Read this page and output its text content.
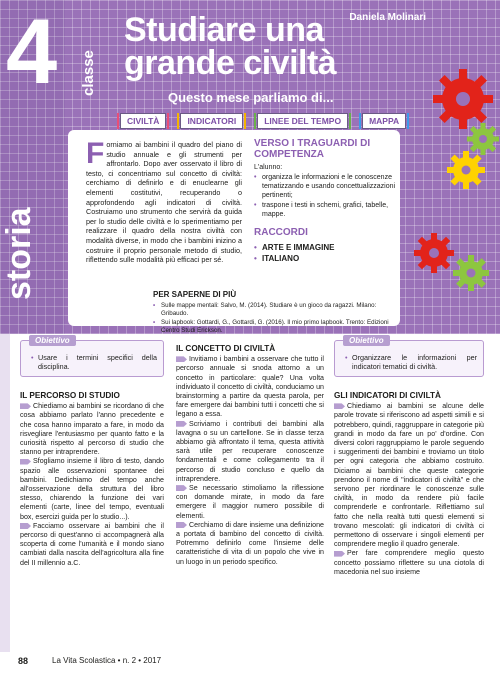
4 classe
storia
Studiare una
grande civiltà
Daniela Molinari
Questo mese parliamo di...
CIVILTÀ	INDICATORI	LINEE DEL TEMPO	MAPPA
F orniamo ai bambini il quadro del piano di studio annuale e gli strumenti per affrontarlo. Dopo aver osservato il libro di testo, ci concentriamo sul concetto di civiltà: cerchiamo di definirlo e di enuclearne gli elementi costitutivi, recuperando o approfondendo agli indicatori di civiltà. Costruiamo uno strumento che servirà da guida per lo studio delle civiltà e lo sperimentiamo per realizzare il quadro della nostra civiltà con modalità diverse, in modo che i bambini inizino a costruire il proprio personale metodo di studio, riflettendo sulle modalità più efficaci per sé.
VERSO I TRAGUARDI DI COMPETENZA
L'alunno:
• organizza le informazioni e le conoscenze tematizzando e usando concettualizzazioni pertinenti;
• traspone i testi in schemi, grafici, tabelle, mappe.
RACCORDI
• ARTE E IMMAGINE
• ITALIANO
PER SAPERNE DI PIÙ
• Sulle mappe mentali: Salvo, M. (2014). Studiare è un gioco da ragazzi. Milano: Gribaudo.
• Sui lapbook: Gottardi, G., Gottardi, G. (2016). Il mio primo lapbook. Trento: Edizioni Centro Studi Erickson.
Obiettivo
• Usare i termini specifici della disciplina.
IL PERCORSO DI STUDIO

Chiediamo ai bambini se ricordano di che cosa abbiamo parlato l'anno precedente e che cosa hanno imparato a fare, in modo da risvegliare l'entusiasmo per quanto fatto e la curiosità rispetto al percorso di studio che stanno per intraprendere.

Sfogliamo insieme il libro di testo, dando spazio alle osservazioni spontanee dei bambini. Dedichiamo del tempo anche all'osservazione della struttura del libro stesso, chiarendo la funzione dei vari elementi (carte, linee del tempo, eventuali box, esercizi guida per lo studio...).

Facciamo osservare ai bambini che il percorso di quest'anno ci accompagnerà alla scoperta di come l'umanità e il mondo siano cambiati dalla nascita dell'agricoltura alla fine del II millennio a.C.

IL CONCETTO DI CIVILTÀ

Invitiamo i bambini a osservare che tutto il percorso annuale si snoda attorno a un concetto in particolare: quale? Una volta individuato il concetto di civiltà, conduciamo un brainstorming a partire da questa parola, per fare emergere dai bambini tutti i concetti che si legano a essa.

Scriviamo i contributi dei bambini alla lavagna o su un cartellone. Se in classe terza abbiamo già affrontato il tema, questa attività sarà utile per recuperare conoscenze fondamentali e come collegamento tra il percorso di studio concluso e quello da intraprendere.

Se necessario stimoliamo la riflessione con domande mirate, in modo da fare emergere il maggior numero possibile di elementi.

Cerchiamo di dare insieme una definizione a portata di bambino del concetto di civiltà. Potremmo definirlo come l'insieme delle caratteristiche di vita di un popolo che vive in un luogo in un periodo specifico.

Obiettivo
• Organizzare le informazioni per indicatori tematici di civiltà.
GLI INDICATORI DI CIVILTÀ

Chiediamo ai bambini se alcune delle parole trovate si riferiscono ad aspetti simili e si potrebbero, quindi, raggruppare in categorie più grandi in modo da fare un po' d'ordine. Con diversi colori raggruppiamo le parole seguendo i suggerimenti dei bambini e troviamo un titolo per ogni categoria che abbiamo costruito. Diciamo ai bambini che queste categorie prendono il nome di "indicatori di civiltà" e che servono per riordinare le conoscenze sulle civiltà, in modo da rendere più facile comprenderle e confrontarle. Riflettiamo sul fatto che nella realtà tutti questi elementi si trovano mescolati: gli indicatori di civiltà ci permettono di osservare i singoli elementi per comprendere meglio il quadro generale.

Per fare comprendere meglio questo concetto possiamo riflettere su una ciotola di macedonia nel suo insieme

88	La Vita Scolastica • n. 2 • 2017
